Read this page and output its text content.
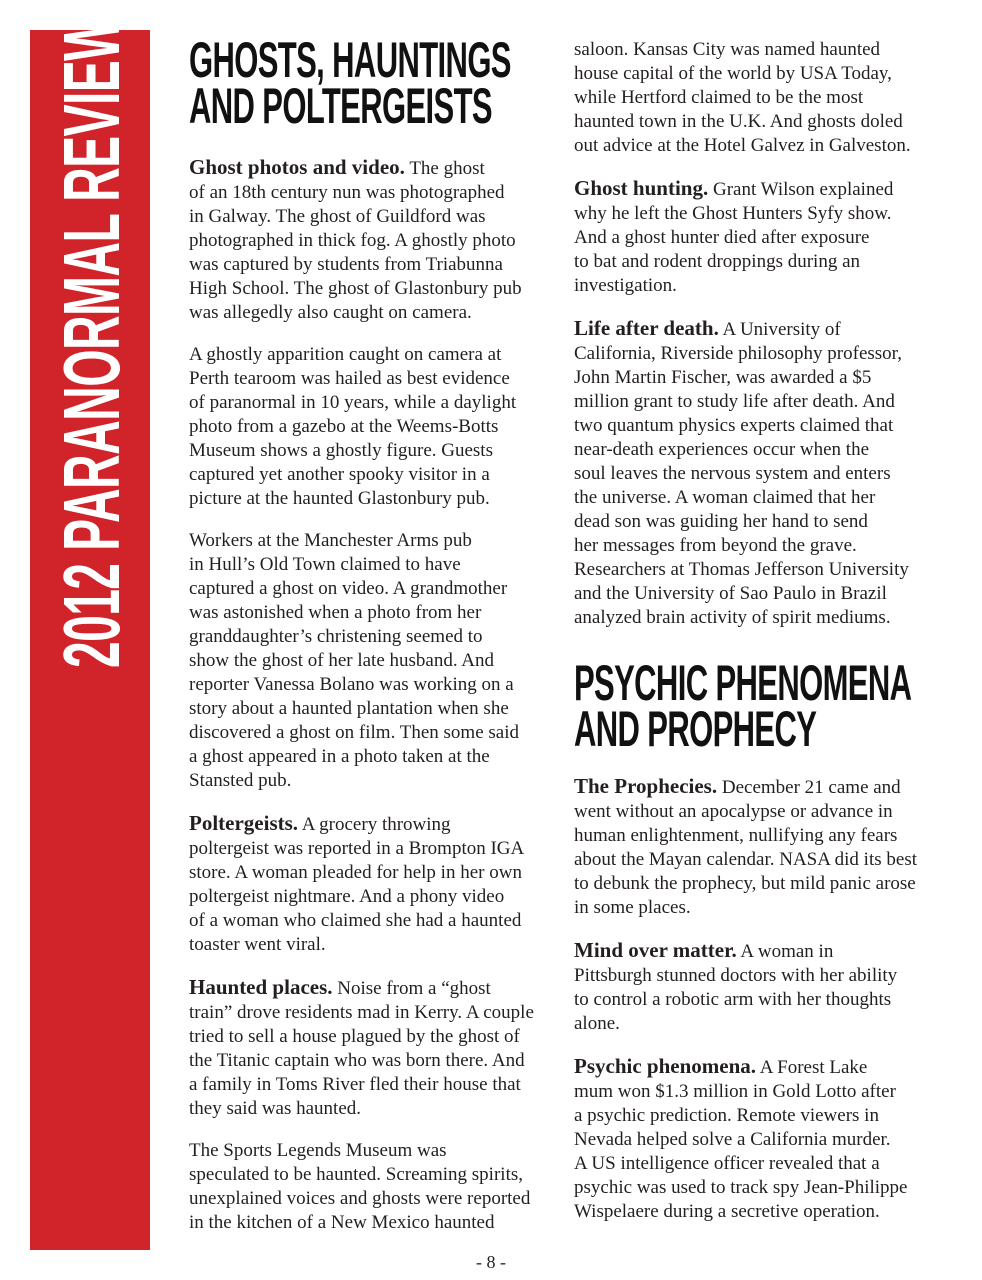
2012 PARANORMAL REVIEW GHOSTS, HAUNTINGS
AND POLTERGEISTS
Ghost photos and video. The ghost
of an 18th century nun was photographed
in Galway. The ghost of Guildford was
photographed in thick fog. A ghostly photo
was captured by students from Triabunna
High School. The ghost of Glastonbury pub
was allegedly also caught on camera.
A ghostly apparition caught on camera at
Perth tearoom was hailed as best evidence
of paranormal in 10 years, while a daylight
photo from a gazebo at the Weems-Botts
Museum shows a ghostly figure. Guests
captured yet another spooky visitor in a
picture at the haunted Glastonbury pub.
Workers at the Manchester Arms pub
in Hull’s Old Town claimed to have
captured a ghost on video. A grandmother
was astonished when a photo from her
granddaughter’s christening seemed to
show the ghost of her late husband. And
reporter Vanessa Bolano was working on a
story about a haunted plantation when she
discovered a ghost on film. Then some said
a ghost appeared in a photo taken at the
Stansted pub.
Poltergeists. A grocery throwing
poltergeist was reported in a Brompton IGA
store. A woman pleaded for help in her own
poltergeist nightmare. And a phony video
of a woman who claimed she had a haunted
toaster went viral.
Haunted places. Noise from a “ghost
train” drove residents mad in Kerry. A couple
tried to sell a house plagued by the ghost of
the Titanic captain who was born there. And
a family in Toms River fled their house that
they said was haunted.
The Sports Legends Museum was
speculated to be haunted. Screaming spirits,
unexplained voices and ghosts were reported
in the kitchen of a New Mexico haunted
saloon. Kansas City was named haunted
house capital of the world by USA Today,
while Hertford claimed to be the most
haunted town in the U.K. And ghosts doled
out advice at the Hotel Galvez in Galveston.
Ghost hunting. Grant Wilson explained
why he left the Ghost Hunters Syfy show.
And a ghost hunter died after exposure
to bat and rodent droppings during an
investigation.
Life after death. A University of
California, Riverside philosophy professor,
John Martin Fischer, was awarded a $5
million grant to study life after death. And
two quantum physics experts claimed that
near-death experiences occur when the
soul leaves the nervous system and enters
the universe. A woman claimed that her
dead son was guiding her hand to send
her messages from beyond the grave.
Researchers at Thomas Jefferson University
and the University of Sao Paulo in Brazil
analyzed brain activity of spirit mediums.
PSYCHIC PHENOMENA
AND PROPHECY
The Prophecies. December 21 came and
went without an apocalypse or advance in
human enlightenment, nullifying any fears
about the Mayan calendar. NASA did its best
to debunk the prophecy, but mild panic arose
in some places.
Mind over matter. A woman in
Pittsburgh stunned doctors with her ability
to control a robotic arm with her thoughts
alone.
Psychic phenomena. A Forest Lake
mum won $1.3 million in Gold Lotto after
a psychic prediction. Remote viewers in
Nevada helped solve a California murder.
A US intelligence officer revealed that a
psychic was used to track spy Jean-Philippe
Wispelaere during a secretive operation.
- 8 -
